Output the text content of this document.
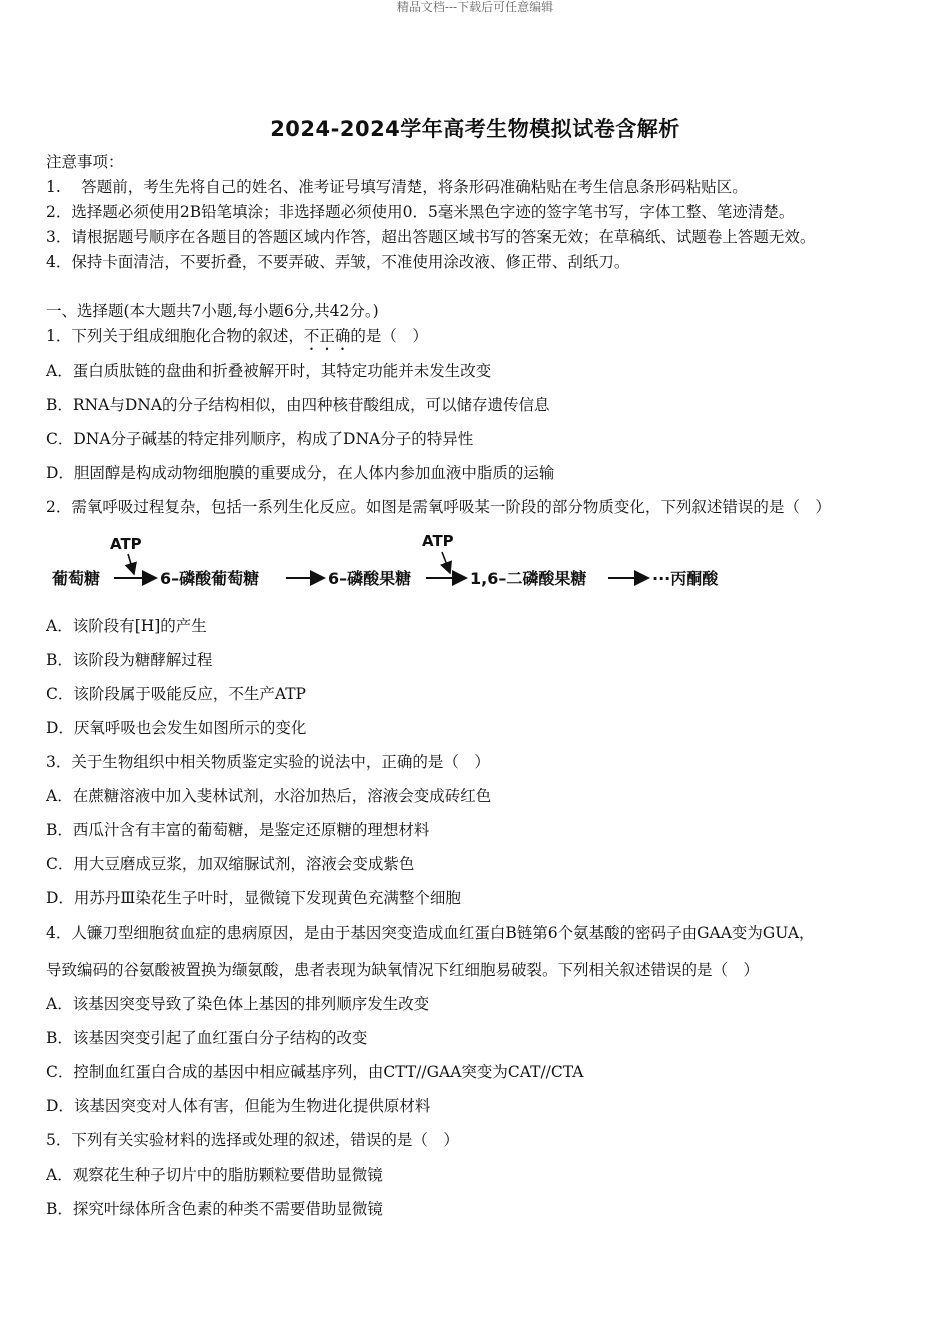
精品文档---下载后可任意编辑
2024-2024学年高考生物模拟试卷含解析
注意事项：
1.　 答题前，考生先将自己的姓名、准考证号填写清楚，将条形码准确粘贴在考生信息条形码粘贴区。
2．选择题必须使用2B铅笔填涂；非选择题必须使用0．5毫米黑色字迹的签字笔书写，字体工整、笔迹清楚。
3．请根据题号顺序在各题目的答题区域内作答，超出答题区域书写的答案无效；在草稿纸、试题卷上答题无效。
4．保持卡面清洁，不要折叠，不要弄破、弄皱，不准使用涂改液、修正带、刮纸刀。
一、选择题(本大题共7小题,每小题6分,共42分。)
1．下列关于组成细胞化合物的叙述，不正确的是（　）
A．蛋白质肽链的盘曲和折叠被解开时，其特定功能并未发生改变
B．RNA与DNA的分子结构相似，由四种核苷酸组成，可以储存遗传信息
C．DNA分子碱基的特定排列顺序，构成了DNA分子的特异性
D．胆固醇是构成动物细胞膜的重要成分，在人体内参加血液中脂质的运输
2．需氧呼吸过程复杂，包括一系列生化反应。如图是需氧呼吸某一阶段的部分物质变化，下列叙述错误的是（　）
葡萄糖
ATP
6–磷酸葡萄糖	6–磷酸果糖
ATP
1,6–二磷酸果糖	···丙酮酸
A．该阶段有[H]的产生
B．该阶段为糖酵解过程
C．该阶段属于吸能反应，不生产ATP
D．厌氧呼吸也会发生如图所示的变化
3．关于生物组织中相关物质鉴定实验的说法中，正确的是（　）
A．在蔗糖溶液中加入斐林试剂，水浴加热后，溶液会变成砖红色
B．西瓜汁含有丰富的葡萄糖，是鉴定还原糖的理想材料
C．用大豆磨成豆浆，加双缩脲试剂，溶液会变成紫色
D．用苏丹Ⅲ染花生子叶时，显微镜下发现黄色充满整个细胞
4．人镰刀型细胞贫血症的患病原因，是由于基因突变造成血红蛋白B链第6个氨基酸的密码子由GAA变为GUA，
导致编码的谷氨酸被置换为缬氨酸，患者表现为缺氧情况下红细胞易破裂。下列相关叙述错误的是（　）
A．该基因突变导致了染色体上基因的排列顺序发生改变
B．该基因突变引起了血红蛋白分子结构的改变
C．控制血红蛋白合成的基因中相应碱基序列，由CTT//GAA突变为CAT//CTA
D．该基因突变对人体有害，但能为生物进化提供原材料
5．下列有关实验材料的选择或处理的叙述，错误的是（　）
A．观察花生种子切片中的脂肪颗粒要借助显微镜
B．探究叶绿体所含色素的种类不需要借助显微镜
